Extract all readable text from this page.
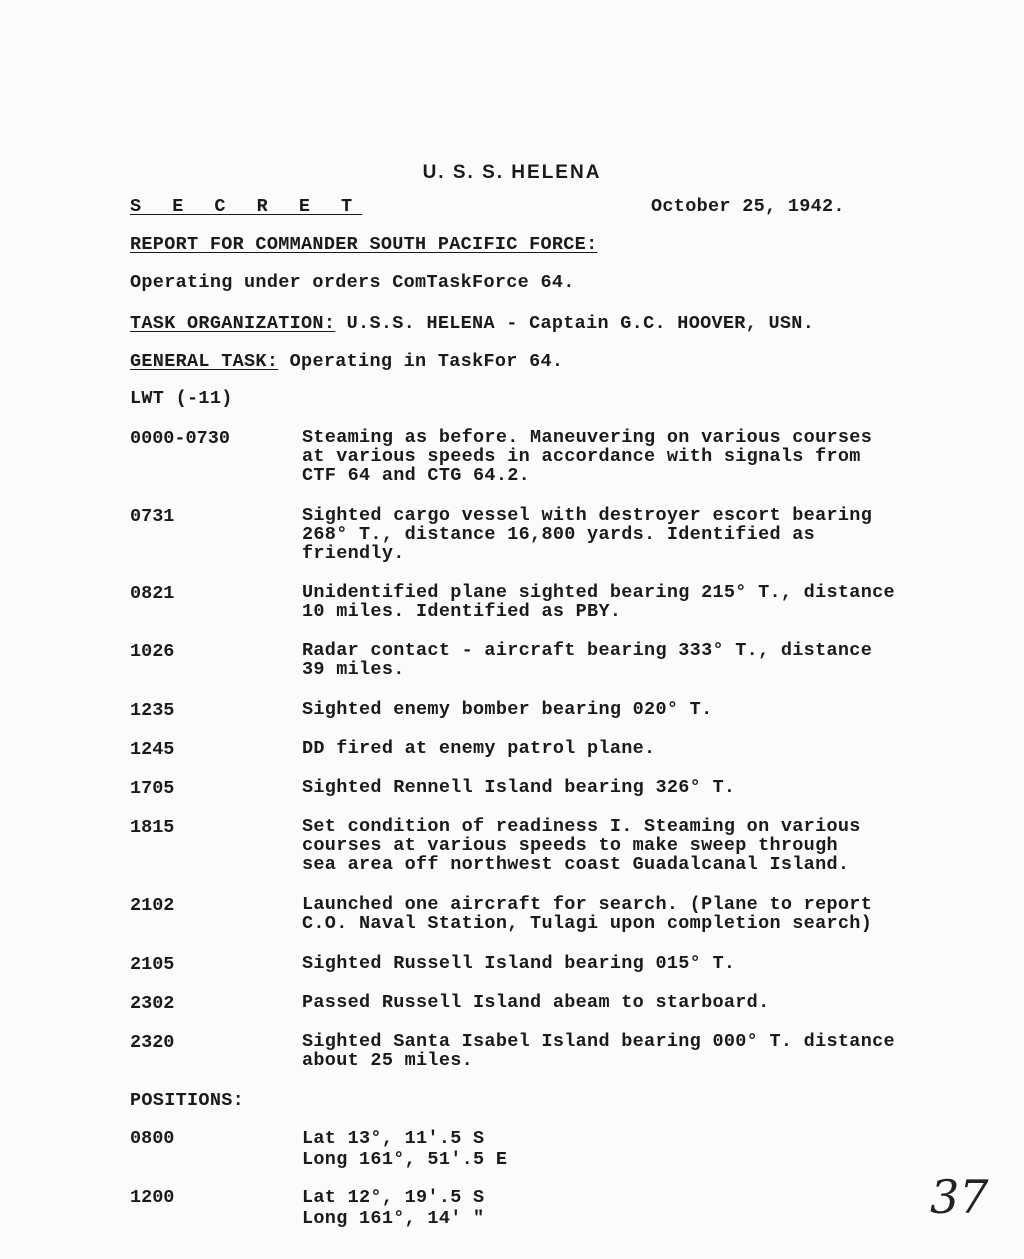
U. S. S. HELENA
S E C R E T	October 25, 1942.
REPORT FOR COMMANDER SOUTH PACIFIC FORCE:
Operating under orders ComTaskForce 64.
TASK ORGANIZATION: U.S.S. HELENA - Captain G.C. HOOVER, USN.
GENERAL TASK: Operating in TaskFor 64.
LWT (-11)
0000-0730	Steaming as before. Maneuvering on various courses
at various speeds in accordance with signals from
CTF 64 and CTG 64.2.
0731	Sighted cargo vessel with destroyer escort bearing
268° T., distance 16,800 yards. Identified as
friendly.
0821	Unidentified plane sighted bearing 215° T., distance
10 miles. Identified as PBY.
1026	Radar contact - aircraft bearing 333° T., distance
39 miles.
1235	Sighted enemy bomber bearing 020° T.
1245	DD fired at enemy patrol plane.
1705	Sighted Rennell Island bearing 326° T.
1815	Set condition of readiness I. Steaming on various
courses at various speeds to make sweep through
sea area off northwest coast Guadalcanal Island.
2102	Launched one aircraft for search. (Plane to report
C.O. Naval Station, Tulagi upon completion search)
2105	Sighted Russell Island bearing 015° T.
2302	Passed Russell Island abeam to starboard.
2320	Sighted Santa Isabel Island bearing 000° T. distance
about 25 miles.
POSITIONS:
0800	Lat 13°, 11'.5 S
Long 161°, 51'.5 E
1200	Lat 12°, 19'.5 S
Long 161°, 14' "	37
